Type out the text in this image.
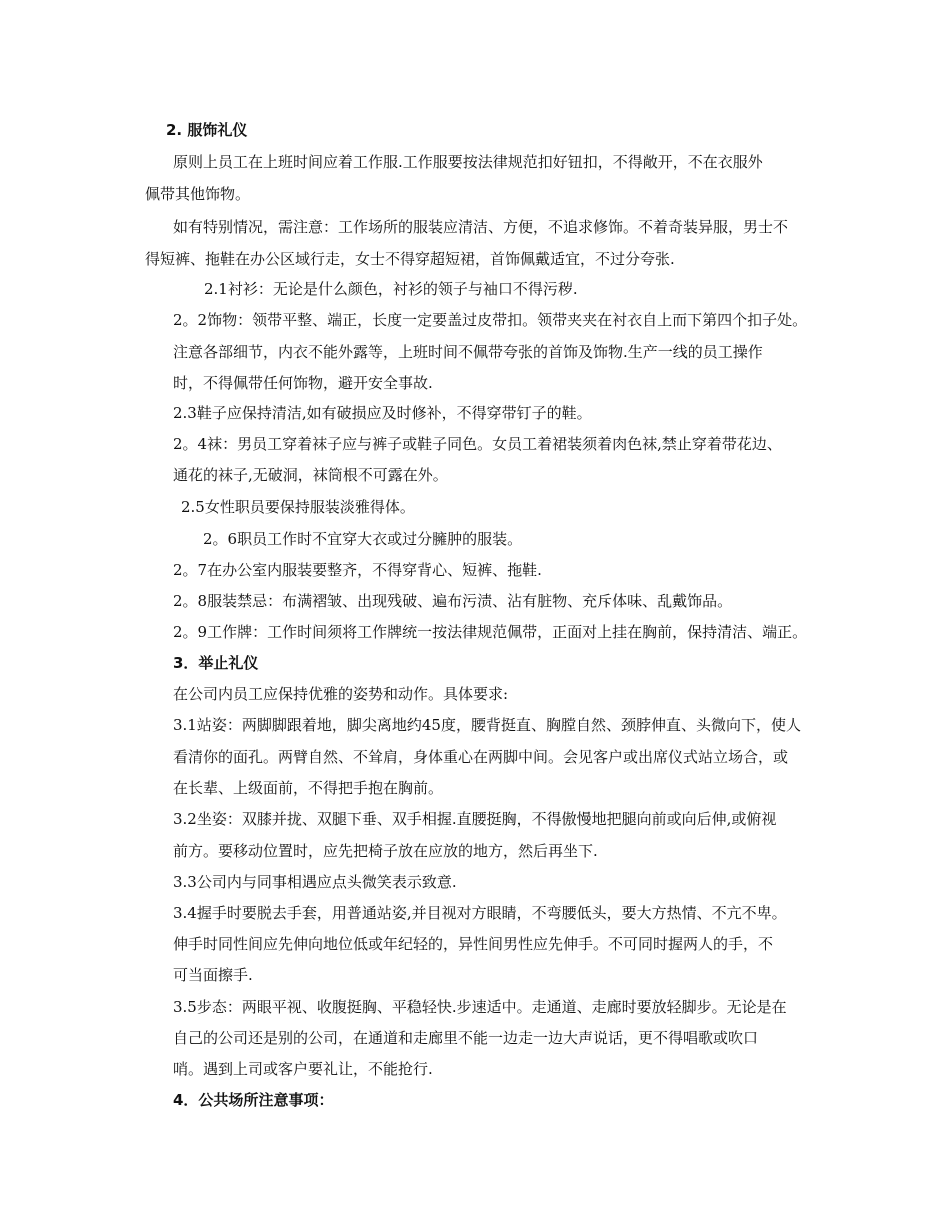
2. 服饰礼仪
原则上员工在上班时间应着工作服.工作服要按法律规范扣好钮扣，不得敞开，不在衣服外
佩带其他饰物。
如有特别情况，需注意：工作场所的服装应清洁、方便，不追求修饰。不着奇装异服，男士不
得短裤、拖鞋在办公区域行走，女士不得穿超短裙，首饰佩戴适宜，不过分夸张.
2.1衬衫：无论是什么颜色，衬衫的领子与袖口不得污秽.
2。2饰物：领带平整、端正，长度一定要盖过皮带扣。领带夹夹在衬衣自上而下第四个扣子处。
注意各部细节，内衣不能外露等，上班时间不佩带夸张的首饰及饰物.生产一线的员工操作
时，不得佩带任何饰物，避开安全事故.
2.3鞋子应保持清洁,如有破损应及时修补，不得穿带钉子的鞋。
2。4袜：男员工穿着袜子应与裤子或鞋子同色。女员工着裙装须着肉色袜,禁止穿着带花边、
通花的袜子,无破洞，袜筒根不可露在外。
2.5女性职员要保持服装淡雅得体。
2。6职员工作时不宜穿大衣或过分臃肿的服装。
2。7在办公室内服装要整齐，不得穿背心、短裤、拖鞋.
2。8服装禁忌：布满褶皱、出现残破、遍布污渍、沾有脏物、充斥体味、乱戴饰品。
2。9工作牌：工作时间须将工作牌统一按法律规范佩带，正面对上挂在胸前，保持清洁、端正。
3．举止礼仪
在公司内员工应保持优雅的姿势和动作。具体要求:
3.1站姿：两脚脚跟着地，脚尖离地约45度，腰背挺直、胸膛自然、颈脖伸直、头微向下，使人
看清你的面孔。两臂自然、不耸肩，身体重心在两脚中间。会见客户或出席仪式站立场合，或
在长辈、上级面前，不得把手抱在胸前。
3.2坐姿：双膝并拢、双腿下垂、双手相握.直腰挺胸，不得傲慢地把腿向前或向后伸,或俯视
前方。要移动位置时，应先把椅子放在应放的地方，然后再坐下.
3.3公司内与同事相遇应点头微笑表示致意.
3.4握手时要脱去手套，用普通站姿,并目视对方眼睛，不弯腰低头，要大方热情、不亢不卑。
伸手时同性间应先伸向地位低或年纪轻的，异性间男性应先伸手。不可同时握两人的手，不
可当面擦手.
3.5步态：两眼平视、收腹挺胸、平稳轻快.步速适中。走通道、走廊时要放轻脚步。无论是在
自己的公司还是别的公司，在通道和走廊里不能一边走一边大声说话，更不得唱歌或吹口
哨。遇到上司或客户要礼让，不能抢行.
4．公共场所注意事项：
